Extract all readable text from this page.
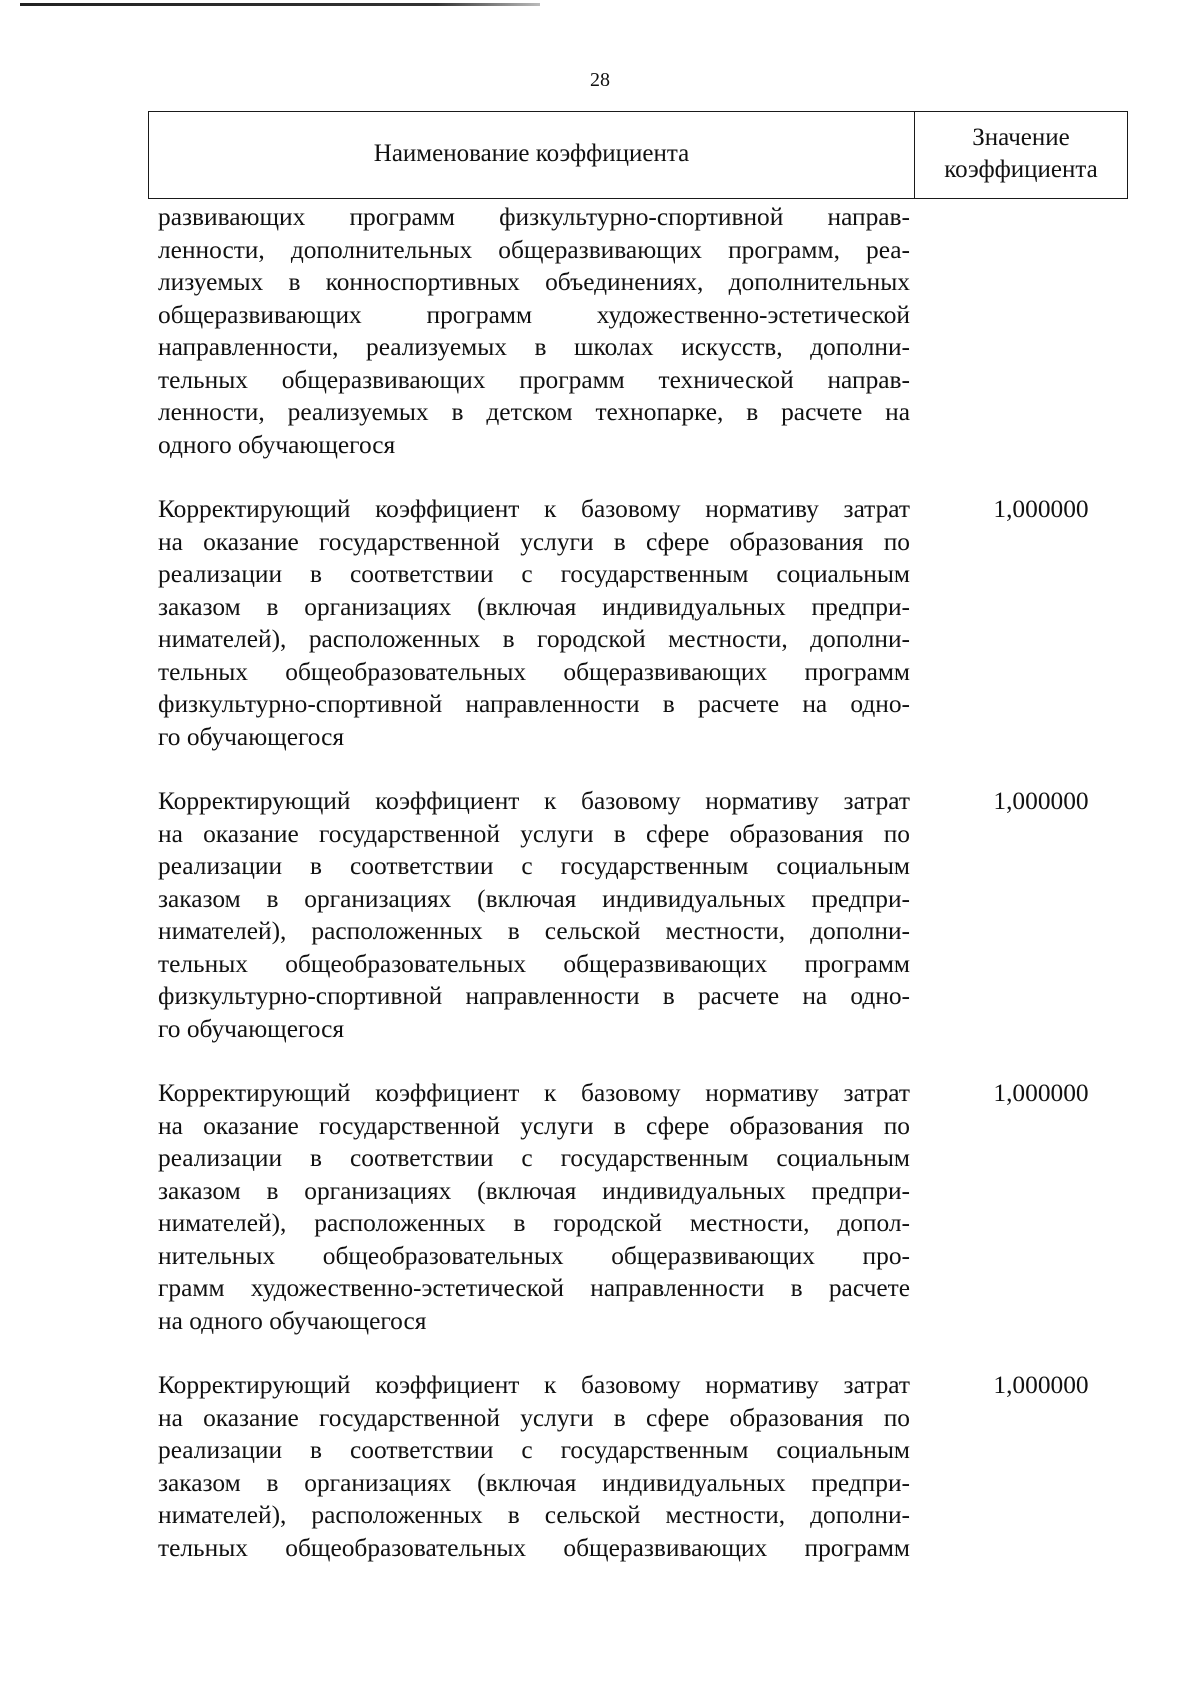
28
Наименование коэффициента
Значение
коэффициента
развивающих программ физкультурно-спортивной направ-
ленности, дополнительных общеразвивающих программ, реа-
лизуемых в конноспортивных объединениях, дополнительных
общеразвивающих программ художественно-эстетической
направленности, реализуемых в школах искусств, дополни-
тельных общеразвивающих программ технической направ-
ленности, реализуемых в детском технопарке, в расчете на
одного обучающегося
Корректирующий коэффициент к базовому нормативу затрат
на оказание государственной услуги в сфере образования по
реализации в соответствии с государственным социальным
заказом в организациях (включая индивидуальных предпри-
нимателей), расположенных в городской местности, дополни-
тельных общеобразовательных общеразвивающих программ
физкультурно-спортивной направленности в расчете на одно-
го обучающегося
1,000000
Корректирующий коэффициент к базовому нормативу затрат
на оказание государственной услуги в сфере образования по
реализации в соответствии с государственным социальным
заказом в организациях (включая индивидуальных предпри-
нимателей), расположенных в сельской местности, дополни-
тельных общеобразовательных общеразвивающих программ
физкультурно-спортивной направленности в расчете на одно-
го обучающегося
1,000000
Корректирующий коэффициент к базовому нормативу затрат
на оказание государственной услуги в сфере образования по
реализации в соответствии с государственным социальным
заказом в организациях (включая индивидуальных предпри-
нимателей), расположенных в городской местности, допол-
нительных общеобразовательных общеразвивающих про-
грамм художественно-эстетической направленности в расчете
на одного обучающегося
1,000000
Корректирующий коэффициент к базовому нормативу затрат
на оказание государственной услуги в сфере образования по
реализации в соответствии с государственным социальным
заказом в организациях (включая индивидуальных предпри-
нимателей), расположенных в сельской местности, дополни-
тельных общеобразовательных общеразвивающих программ
1,000000
